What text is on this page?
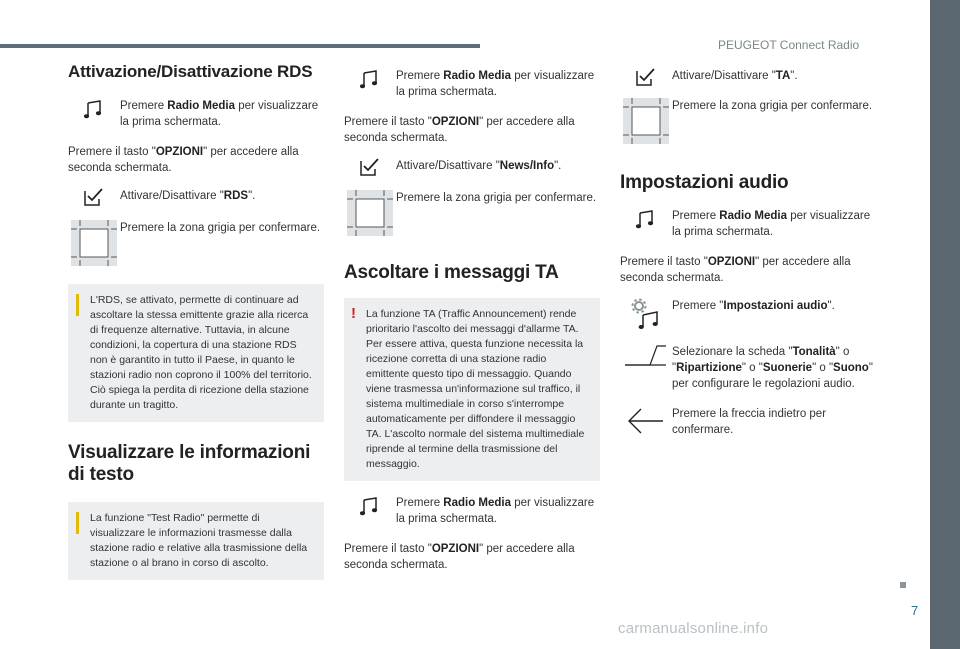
PEUGEOT Connect Radio
7
Attivazione/Disattivazione RDS
Premere Radio Media per visualizzare la prima schermata.
Premere il tasto "OPZIONI" per accedere alla seconda schermata.
Attivare/Disattivare "RDS".
Premere la zona grigia per confermare.
L'RDS, se attivato, permette di continuare ad ascoltare la stessa emittente grazie alla ricerca di frequenze alternative. Tuttavia, in alcune condizioni, la copertura di una stazione RDS non è garantito in tutto il Paese, in quanto le stazioni radio non coprono il 100% del territorio. Ciò spiega la perdita di ricezione della stazione durante un tragitto.
Visualizzare le informazioni di testo
La funzione "Test Radio" permette di visualizzare le informazioni trasmesse dalla stazione radio e relative alla trasmissione della stazione o al brano in corso di ascolto.
Premere Radio Media per visualizzare la prima schermata.
Premere il tasto "OPZIONI" per accedere alla seconda schermata.
Attivare/Disattivare "News/Info".
Premere la zona grigia per confermare.
Ascoltare i messaggi TA
! La funzione TA (Traffic Announcement) rende prioritario l'ascolto dei messaggi d'allarme TA. Per essere attiva, questa funzione necessita la ricezione corretta di una stazione radio emittente questo tipo di messaggio. Quando viene trasmessa un'informazione sul traffico, il sistema multimediale in corso s'interrompe automaticamente per diffondere il messaggio TA. L'ascolto normale del sistema multimediale riprende al termine della trasmissione del messaggio.
Premere Radio Media per visualizzare la prima schermata.
Premere il tasto "OPZIONI" per accedere alla seconda schermata.
Attivare/Disattivare "TA".
Premere la zona grigia per confermare.
Impostazioni audio
Premere Radio Media per visualizzare la prima schermata.
Premere il tasto "OPZIONI" per accedere alla seconda schermata.
Premere "Impostazioni audio".
Selezionare la scheda "Tonalità" o "Ripartizione" o "Suonerie" o "Suono" per configurare le regolazioni audio.
Premere la freccia indietro per confermare.
carmanualsonline.info
